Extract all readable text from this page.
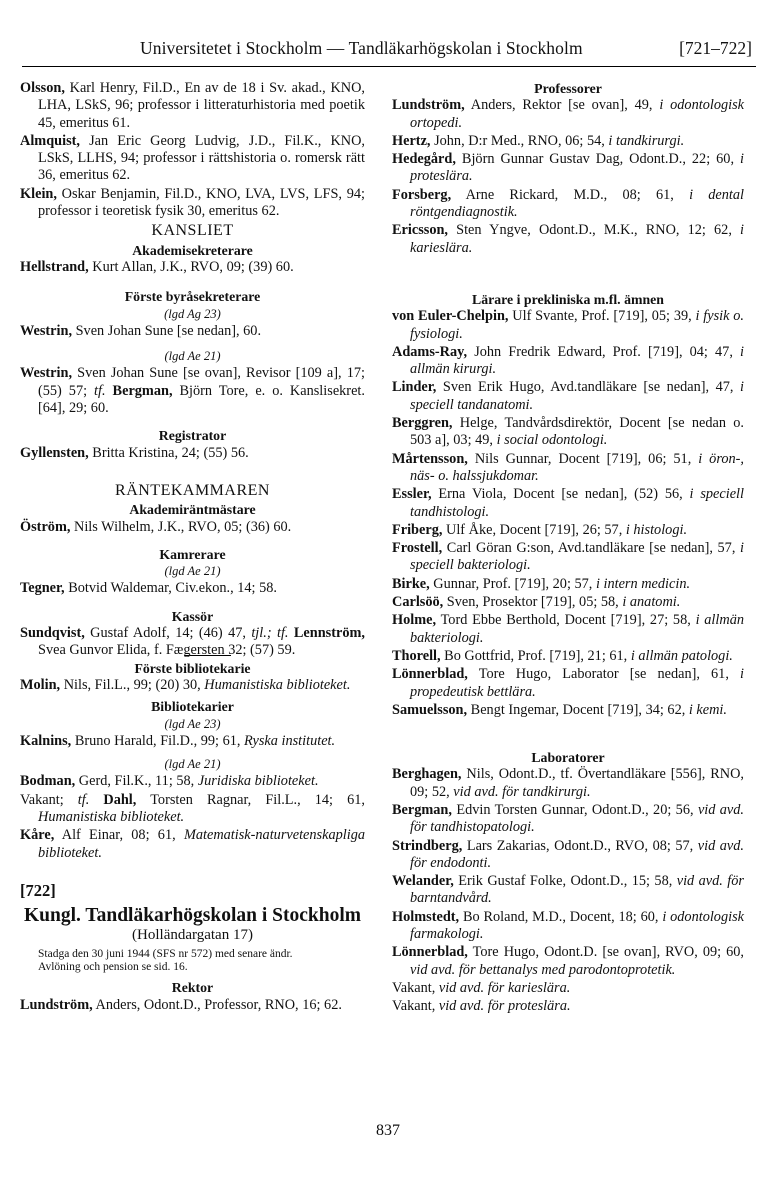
Universitetet i Stockholm — Tandläkarhögskolan i Stockholm	[721–722]

Olsson, Karl Henry, Fil.D., En av de 18 i Sv. akad., KNO, LHA, LSkS, 96; professor i litteraturhistoria med poetik 45, emeritus 61.

Almquist, Jan Eric Georg Ludvig, J.D., Fil.K., KNO, LSkS, LLHS, 94; professor i rättshistoria o. romersk rätt 36, emeritus 62.

Klein, Oskar Benjamin, Fil.D., KNO, LVA, LVS, LFS, 94; professor i teoretisk fysik 30, emeritus 62.

KANSLIET
Akademisekreterare

Hellstrand, Kurt Allan, J.K., RVO, 09; (39) 60.

Förste byråsekreterare
(lgd Ag 23)

Westrin, Sven Johan Sune [se nedan], 60.

(lgd Ae 21)

Westrin, Sven Johan Sune [se ovan], Revisor [109 a], 17; (55) 57; tf. Bergman, Björn Tore, e. o. Kanslisekret. [64], 29; 60.

Registrator

Gyllensten, Britta Kristina, 24; (55) 56.

RÄNTEKAMMAREN
Akademiräntmästare

Öström, Nils Wilhelm, J.K., RVO, 05; (36) 60.

Kamrerare
(lgd Ae 21)

Tegner, Botvid Waldemar, Civ.ekon., 14; 58.

Kassör

Sundqvist, Gustaf Adolf, 14; (46) 47, tjl.; tf. Lennström, Svea Gunvor Elida, f. Fægersten 32; (57) 59.

Förste bibliotekarie

Molin, Nils, Fil.L., 99; (20) 30, Humanistiska biblioteket.

Bibliotekarier
(lgd Ae 23)

Kalnins, Bruno Harald, Fil.D., 99; 61, Ryska institutet.

(lgd Ae 21)

Bodman, Gerd, Fil.K., 11; 58, Juridiska biblioteket.

Vakant; tf. Dahl, Torsten Ragnar, Fil.L., 14; 61, Humanistiska biblioteket.

Kåre, Alf Einar, 08; 61, Matematisk-naturvetenskapliga biblioteket.

[722]
Kungl. Tandläkarhögskolan i Stockholm
(Holländargatan 17)
Stadga den 30 juni 1944 (SFS nr 572) med senare ändr.
Avlöning och pension se sid. 16.
Rektor

Lundström, Anders, Odont.D., Professor, RNO, 16; 62.

Professorer

Lundström, Anders, Rektor [se ovan], 49, i odontologisk ortopedi.

Hertz, John, D:r Med., RNO, 06; 54, i tandkirurgi.

Hedegård, Björn Gunnar Gustav Dag, Odont.D., 22; 60, i proteslära.

Forsberg, Arne Rickard, M.D., 08; 61, i dental röntgendiagnostik.

Ericsson, Sten Yngve, Odont.D., M.K., RNO, 12; 62, i karieslära.

Lärare i prekliniska m.fl. ämnen

von Euler-Chelpin, Ulf Svante, Prof. [719], 05; 39, i fysik o. fysiologi.

Adams-Ray, John Fredrik Edward, Prof. [719], 04; 47, i allmän kirurgi.

Linder, Sven Erik Hugo, Avd.tandläkare [se nedan], 47, i speciell tandanatomi.

Berggren, Helge, Tandvårdsdirektör, Docent [se nedan o. 503 a], 03; 49, i social odontologi.

Mårtensson, Nils Gunnar, Docent [719], 06; 51, i öron-, näs- o. halssjukdomar.

Essler, Erna Viola, Docent [se nedan], (52) 56, i speciell tandhistologi.

Friberg, Ulf Åke, Docent [719], 26; 57, i histologi.

Frostell, Carl Göran G:son, Avd.tandläkare [se nedan], 57, i speciell bakteriologi.

Birke, Gunnar, Prof. [719], 20; 57, i intern medicin.

Carlsöö, Sven, Prosektor [719], 05; 58, i anatomi.

Holme, Tord Ebbe Berthold, Docent [719], 27; 58, i allmän bakteriologi.

Thorell, Bo Gottfrid, Prof. [719], 21; 61, i allmän patologi.

Lönnerblad, Tore Hugo, Laborator [se nedan], 61, i propedeutisk bettlära.

Samuelsson, Bengt Ingemar, Docent [719], 34; 62, i kemi.

Laboratorer

Berghagen, Nils, Odont.D., tf. Övertandläkare [556], RNO, 09; 52, vid avd. för tandkirurgi.

Bergman, Edvin Torsten Gunnar, Odont.D., 20; 56, vid avd. för tandhistopatologi.

Strindberg, Lars Zakarias, Odont.D., RVO, 08; 57, vid avd. för endodonti.

Welander, Erik Gustaf Folke, Odont.D., 15; 58, vid avd. för barntandvård.

Holmstedt, Bo Roland, M.D., Docent, 18; 60, i odontologisk farmakologi.

Lönnerblad, Tore Hugo, Odont.D. [se ovan], RVO, 09; 60, vid avd. för bettanalys med parodontoprotetik.

Vakant, vid avd. för karieslära.

Vakant, vid avd. för proteslära.

837
